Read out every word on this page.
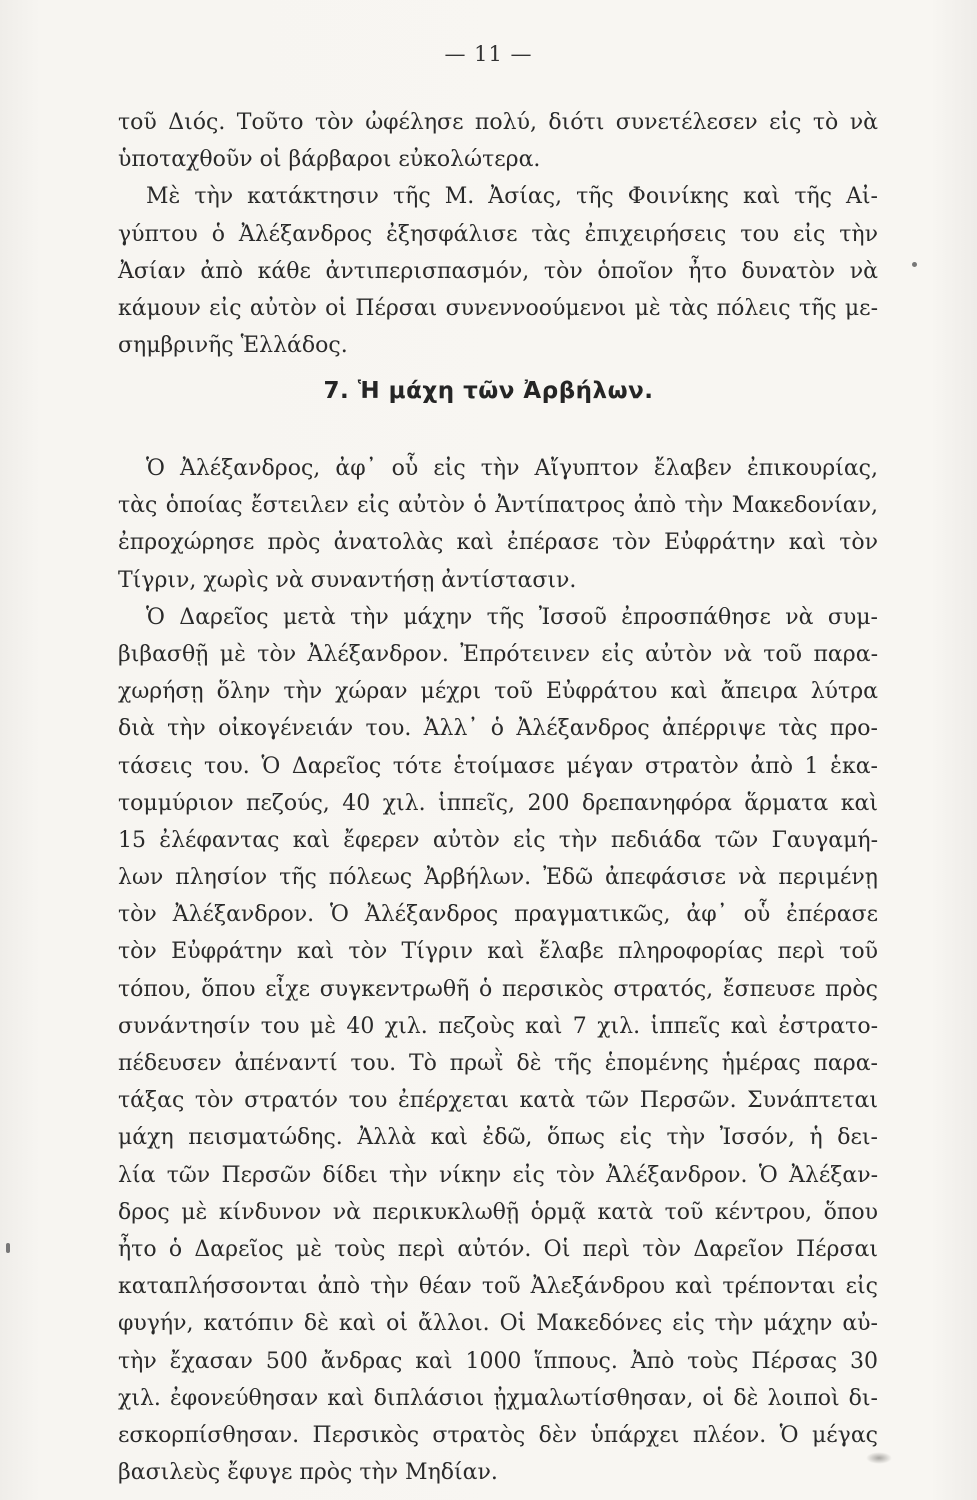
— 11 —
τοῦ Διός. Τοῦτο τὸν ὠφέλησε πολύ, διότι συνετέλεσεν εἰς τὸ νὰ
ὑποταχθοῦν οἱ βάρβαροι εὐκολώτερα.
Μὲ τὴν κατάκτησιν τῆς Μ. Ἀσίας, τῆς Φοινίκης καὶ τῆς Αἰ-
γύπτου ὁ Ἀλέξανδρος ἐξησφάλισε τὰς ἐπιχειρήσεις του εἰς τὴν
Ἀσίαν ἀπὸ κάθε ἀντιπερισπασμόν, τὸν ὁποῖον ἦτο δυνατὸν νὰ
κάμουν εἰς αὐτὸν οἱ Πέρσαι συνεννοούμενοι μὲ τὰς πόλεις τῆς με-
σημβρινῆς Ἑλλάδος.
7. Ἡ μάχη τῶν Ἀρβήλων.
Ὁ Ἀλέξανδρος, ἀφ᾽ οὗ εἰς τὴν Αἴγυπτον ἔλαβεν ἐπικουρίας,
τὰς ὁποίας ἔστειλεν εἰς αὐτὸν ὁ Ἀντίπατρος ἀπὸ τὴν Μακεδονίαν,
ἐπροχώρησε πρὸς ἀνατολὰς καὶ ἐπέρασε τὸν Εὐφράτην καὶ τὸν
Τίγριν, χωρὶς νὰ συναντήσῃ ἀντίστασιν.
Ὁ Δαρεῖος μετὰ τὴν μάχην τῆς Ἰσσοῦ ἐπροσπάθησε νὰ συμ-
βιβασθῇ μὲ τὸν Ἀλέξανδρον. Ἐπρότεινεν εἰς αὐτὸν νὰ τοῦ παρα-
χωρήσῃ ὅλην τὴν χώραν μέχρι τοῦ Εὐφράτου καὶ ἄπειρα λύτρα
διὰ τὴν οἰκογένειάν του. Ἀλλ᾽ ὁ Ἀλέξανδρος ἀπέρριψε τὰς προ-
τάσεις του. Ὁ Δαρεῖος τότε ἑτοίμασε μέγαν στρατὸν ἀπὸ 1 ἑκα-
τομμύριον πεζούς, 40 χιλ. ἱππεῖς, 200 δρεπανηφόρα ἅρματα καὶ
15 ἐλέφαντας καὶ ἔφερεν αὐτὸν εἰς τὴν πεδιάδα τῶν Γαυγαμή-
λων πλησίον τῆς πόλεως Ἀρβήλων. Ἐδῶ ἀπεφάσισε νὰ περιμένῃ
τὸν Ἀλέξανδρον. Ὁ Ἀλέξανδρος πραγματικῶς, ἀφ᾽ οὗ ἐπέρασε
τὸν Εὐφράτην καὶ τὸν Τίγριν καὶ ἔλαβε πληροφορίας περὶ τοῦ
τόπου, ὅπου εἶχε συγκεντρωθῆ ὁ περσικὸς στρατός, ἔσπευσε πρὸς
συνάντησίν του μὲ 40 χιλ. πεζοὺς καὶ 7 χιλ. ἱππεῖς καὶ ἐστρατο-
πέδευσεν ἀπέναντί του. Τὸ πρωῒ δὲ τῆς ἑπομένης ἡμέρας παρα-
τάξας τὸν στρατόν του ἐπέρχεται κατὰ τῶν Περσῶν. Συνάπτεται
μάχη πεισματώδης. Ἀλλὰ καὶ ἐδῶ, ὅπως εἰς τὴν Ἰσσόν, ἡ δει-
λία τῶν Περσῶν δίδει τὴν νίκην εἰς τὸν Ἀλέξανδρον. Ὁ Ἀλέξαν-
δρος μὲ κίνδυνον νὰ περικυκλωθῇ ὁρμᾷ κατὰ τοῦ κέντρου, ὅπου
ἦτο ὁ Δαρεῖος μὲ τοὺς περὶ αὐτόν. Οἱ περὶ τὸν Δαρεῖον Πέρσαι
καταπλήσσονται ἀπὸ τὴν θέαν τοῦ Ἀλεξάνδρου καὶ τρέπονται εἰς
φυγήν, κατόπιν δὲ καὶ οἱ ἄλλοι. Οἱ Μακεδόνες εἰς τὴν μάχην αὐ-
τὴν ἔχασαν 500 ἄνδρας καὶ 1000 ἵππους. Ἀπὸ τοὺς Πέρσας 30
χιλ. ἐφονεύθησαν καὶ διπλάσιοι ᾐχμαλωτίσθησαν, οἱ δὲ λοιποὶ δι-
εσκορπίσθησαν. Περσικὸς στρατὸς δὲν ὑπάρχει πλέον. Ὁ μέγας
βασιλεὺς ἔφυγε πρὸς τὴν Μηδίαν.
